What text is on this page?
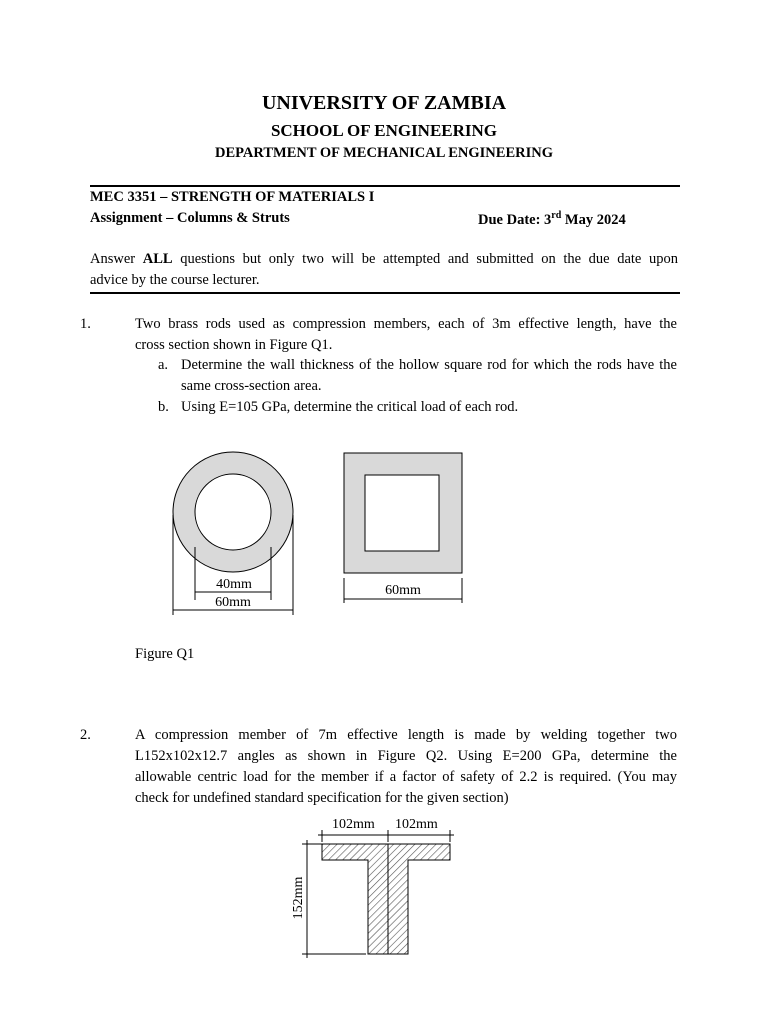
UNIVERSITY OF ZAMBIA
SCHOOL OF ENGINEERING
DEPARTMENT OF MECHANICAL ENGINEERING
MEC 3351 – STRENGTH OF MATERIALS I
Assignment – Columns & Struts	Due Date: 3rd May 2024
Answer ALL questions but only two will be attempted and submitted on the due date upon
advice by the course lecturer.
1.	Two brass rods used as compression members, each of 3m effective length, have the
cross section shown in Figure Q1.
a. Determine the wall thickness of the hollow square rod for which the rods have the
same cross-section area.
b. Using E=105 GPa, determine the critical load of each rod.
40mm
60mm
60mm
Figure Q1
2.	A compression member of 7m effective length is made by welding together two
L152x102x12.7 angles as shown in Figure Q2. Using E=200 GPa, determine the
allowable centric load for the member if a factor of safety of 2.2 is required. (You may
check for undefined standard specification for the given section)
102mm 102mm
152mm
